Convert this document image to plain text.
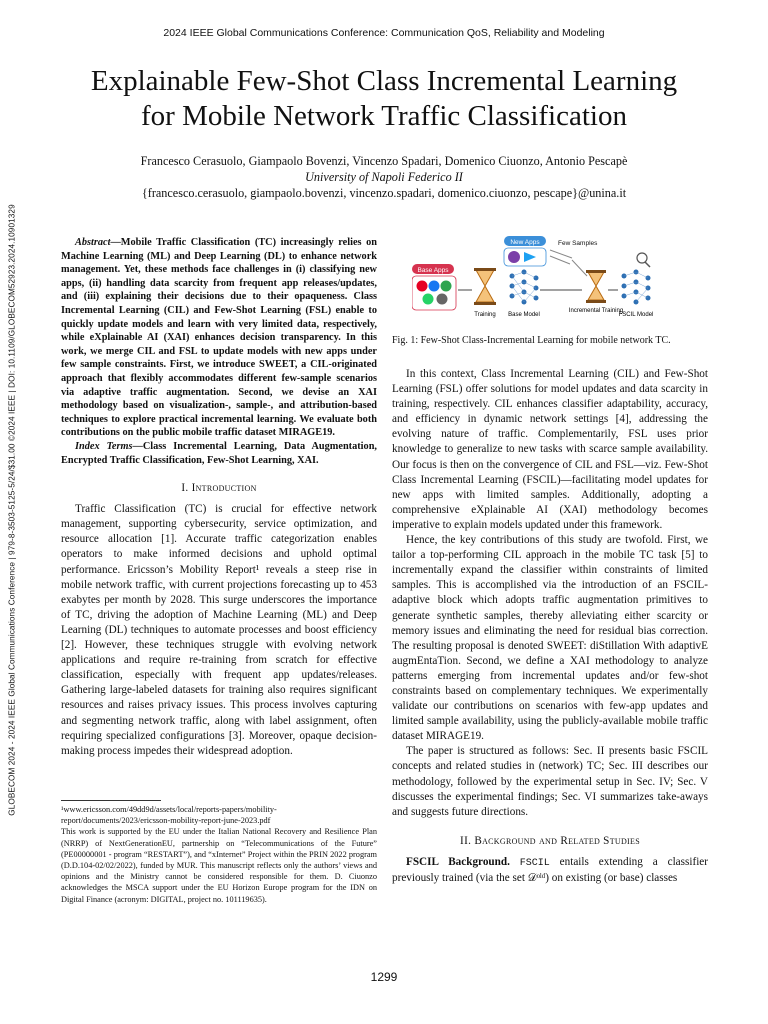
2024 IEEE Global Communications Conference: Communication QoS, Reliability and Modeling
Explainable Few-Shot Class Incremental Learning
for Mobile Network Traffic Classification
Francesco Cerasuolo, Giampaolo Bovenzi, Vincenzo Spadari, Domenico Ciuonzo, Antonio Pescapè
University of Napoli Federico II
{francesco.cerasuolo, giampaolo.bovenzi, vincenzo.spadari, domenico.ciuonzo, pescape}@unina.it
GLOBECOM 2024 - 2024 IEEE Global Communications Conference | 979-8-3503-5125-5/24/$31.00 ©2024 IEEE | DOI: 10.1109/GLOBECOM52923.2024.10901329	Abstract—Mobile Traffic Classification (TC) increasingly relies on Machine Learning (ML) and Deep Learning (DL) to enhance network management. Yet, these methods face challenges in (i) classifying new apps, (ii) handling data scarcity from frequent app releases/updates, and (iii) explaining their decisions due to their opaqueness. Class Incremental Learning (CIL) and Few-Shot Learning (FSL) enable to quickly update models and learn with very limited data, respectively, while eXplainable AI (XAI) enhances decision transparency. In this work, we merge CIL and FSL to update models with new apps under few sample constraints. First, we introduce SWEET, a CIL-originated approach that flexibly accommodates different few-sample scenarios via adaptive traffic augmentation. Second, we devise an XAI methodology based on visualization-, sample-, and attribution-based techniques to explore practical incremental learning. We evaluate both contributions on the public mobile traffic dataset MIRAGE19.

Index Terms—Class Incremental Learning, Data Augmentation, Encrypted Traffic Classification, Few-Shot Learning, XAI.

I. Introduction

Traffic Classification (TC) is crucial for effective network management, supporting cybersecurity, service optimization, and resource allocation [1]. Accurate traffic categorization enables operators to make informed decisions and uphold optimal performance. Ericsson’s Mobility Report¹ reveals a steep rise in mobile network traffic, with current projections forecasting up to 453 exabytes per month by 2028. This surge underscores the importance of TC, driving the adoption of Machine Learning (ML) and Deep Learning (DL) techniques to automate processes and boost efficiency [2]. However, these techniques struggle with evolving network applications and require re-training from scratch for effective classification, especially with frequent app updates/releases. Gathering large-labeled datasets for training also requires significant resources and raises privacy issues. This process involves capturing and segmenting network traffic, along with label assignment, often requiring specialized configurations [3]. Moreover, opaque decision-making process impedes their widespread adoption.

¹www.ericsson.com/49dd9d/assets/local/reports-papers/mobility-report/documents/2023/ericsson-mobility-report-june-2023.pdf

This work is supported by the EU under the Italian National Recovery and Resilience Plan (NRRP) of NextGenerationEU, partnership on “Telecommunications of the Future” (PE00000001 - program “RESTART”), and “xInternet” Project within the PRIN 2022 program (D.D.104-02/02/2022), funded by MUR. This manuscript reflects only the authors’ views and opinions and the Ministry cannot be considered responsible for them. D. Ciuonzo acknowledges the MSCA support under the EU Horizon Europe program for the IDN on Digital Finance (acronym: DIGITAL, project no. 101119635).

New Apps	Few Samples
Base Apps
Training Base Model
Incremental Training
FSCIL Model
Fig. 1: Few-Shot Class-Incremental Learning for mobile network TC.

In this context, Class Incremental Learning (CIL) and Few-Shot Learning (FSL) offer solutions for model updates and data scarcity in training, respectively. CIL enhances classifier adaptability, accuracy, and efficiency in dynamic network settings [4], addressing the evolving nature of traffic. Complementarily, FSL uses prior knowledge to generalize to new tasks with scarce sample availability. Our focus is then on the convergence of CIL and FSL—viz. Few-Shot Class Incremental Learning (FSCIL)—facilitating model updates for new apps with limited samples. Additionally, adopting a comprehensive eXplainable AI (XAI) methodology becomes imperative to explain models updated under this framework.

Hence, the key contributions of this study are twofold. First, we tailor a top-performing CIL approach in the mobile TC task [5] to incrementally expand the classifier within constraints of limited samples. This is accomplished via the introduction of an FSCIL-adaptive block which adopts traffic augmentation primitives to generate synthetic samples, thereby alleviating either scarcity or memory issues and eliminating the need for residual bias correction. The resulting proposal is denoted SWEET: diStillation With adaptivE augmEntaTion. Second, we define a XAI methodology to analyze patterns emerging from incremental updates and/or few-shot constraints based on complementary techniques. We experimentally validate our contributions on scenarios with few-app updates and limited sample availability, using the publicly-available mobile traffic dataset MIRAGE19.

The paper is structured as follows: Sec. II presents basic FSCIL concepts and related studies in (network) TC; Sec. III describes our methodology, followed by the experimental setup in Sec. IV; Sec. V discusses the experimental findings; Sec. VI summarizes take-aways and suggests future directions.

II. Background and Related Studies

FSCIL Background. FSCIL entails extending a classifier previously trained (via the set 𝒟ᵒˡᵈ) on existing (or base) classes

1299
